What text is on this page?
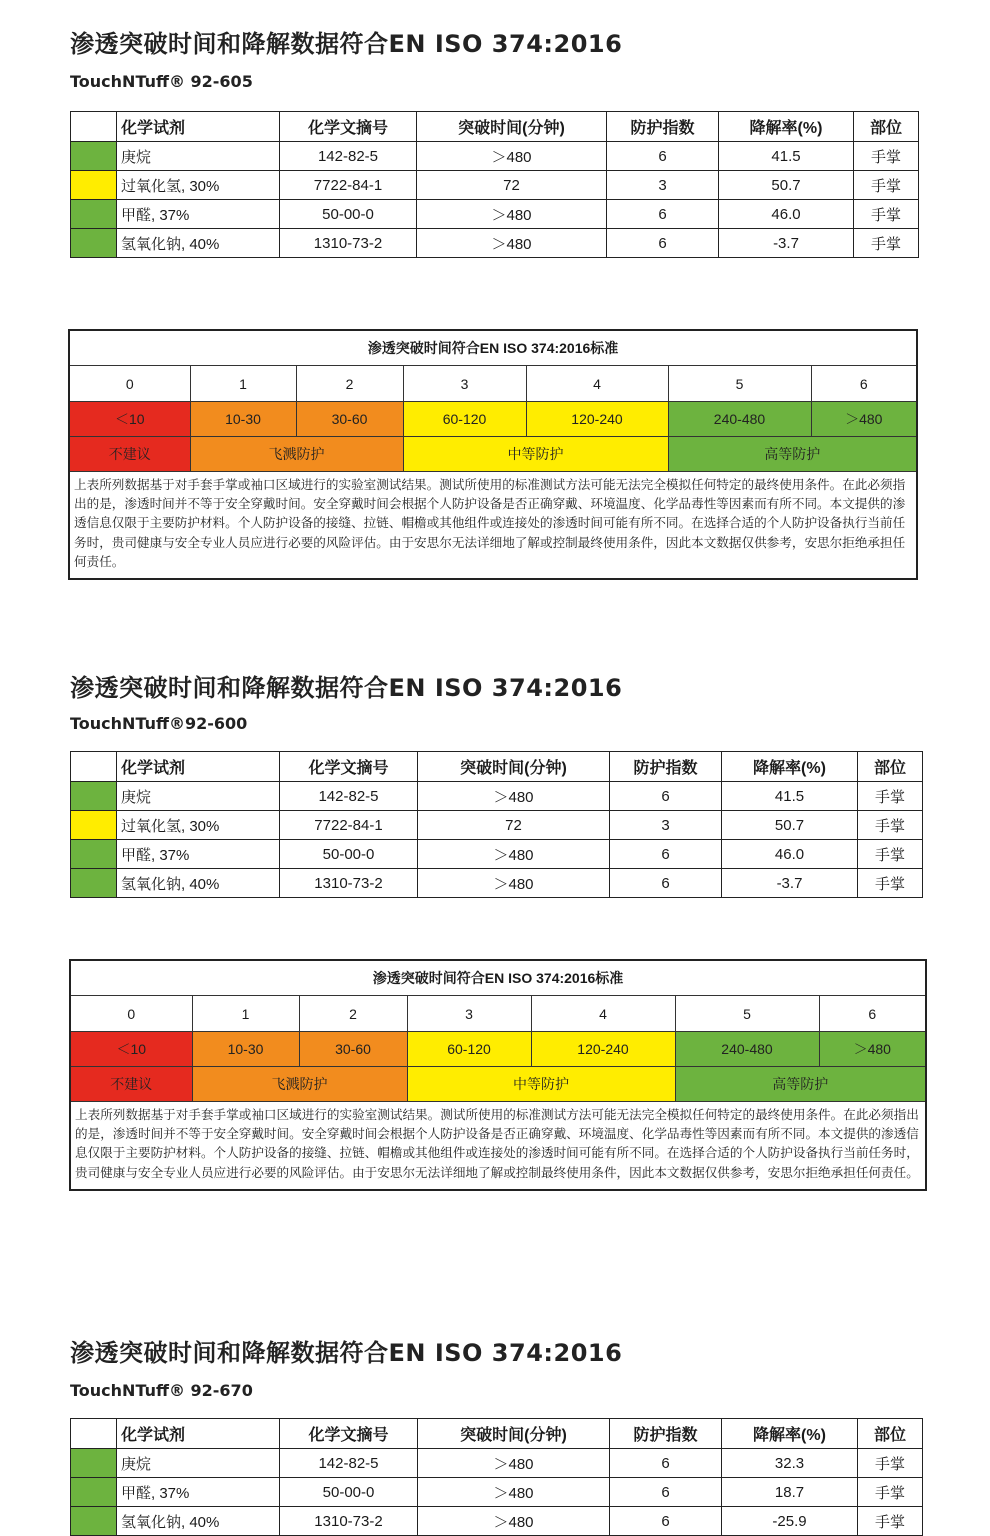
渗透突破时间和降解数据符合EN ISO 374:2016
TouchNTuff® 92-605
	化学试剂	化学文摘号	突破时间(分钟)	防护指数	降解率(%)	部位
	庚烷	142-82-5	＞480	6	41.5	手掌
	过氧化氢, 30%	7722-84-1	72	3	50.7	手掌
	甲醛, 37%	50-00-0	＞480	6	46.0	手掌
	氢氧化钠, 40%	1310-73-2	＞480	6	-3.7	手掌
渗透突破时间符合EN ISO 374:2016标准						
0	1	2	3	4	5	6
＜10	10-30	30-60	60-120	120-240	240-480	＞480
不建议	飞溅防护		中等防护		高等防护	
上表所列数据基于对手套手掌或袖口区域进行的实验室测试结果。测试所使用的标准测试方法可能无法完全模拟任何特定的最终使用条件。在此必须指出的是，渗透时间并不等于安全穿戴时间。安全穿戴时间会根据个人防护设备是否正确穿戴、环境温度、化学品毒性等因素而有所不同。本文提供的渗透信息仅限于主要防护材料。个人防护设备的接缝、拉链、帽檐或其他组件或连接处的渗透时间可能有所不同。在选择合适的个人防护设备执行当前任务时，贵司健康与安全专业人员应进行必要的风险评估。由于安思尔无法详细地了解或控制最终使用条件，因此本文数据仅供参考，安思尔拒绝承担任何责任。						
渗透突破时间和降解数据符合EN ISO 374:2016
TouchNTuff®92-600
	化学试剂	化学文摘号	突破时间(分钟)	防护指数	降解率(%)	部位
	庚烷	142-82-5	＞480	6	41.5	手掌
	过氧化氢, 30%	7722-84-1	72	3	50.7	手掌
	甲醛, 37%	50-00-0	＞480	6	46.0	手掌
	氢氧化钠, 40%	1310-73-2	＞480	6	-3.7	手掌
渗透突破时间符合EN ISO 374:2016标准						
0	1	2	3	4	5	6
＜10	10-30	30-60	60-120	120-240	240-480	＞480
不建议	飞溅防护		中等防护		高等防护	
上表所列数据基于对手套手掌或袖口区域进行的实验室测试结果。测试所使用的标准测试方法可能无法完全模拟任何特定的最终使用条件。在此必须指出的是，渗透时间并不等于安全穿戴时间。安全穿戴时间会根据个人防护设备是否正确穿戴、环境温度、化学品毒性等因素而有所不同。本文提供的渗透信息仅限于主要防护材料。个人防护设备的接缝、拉链、帽檐或其他组件或连接处的渗透时间可能有所不同。在选择合适的个人防护设备执行当前任务时，贵司健康与安全专业人员应进行必要的风险评估。由于安思尔无法详细地了解或控制最终使用条件，因此本文数据仅供参考，安思尔拒绝承担任何责任。						
渗透突破时间和降解数据符合EN ISO 374:2016
TouchNTuff® 92-670
	化学试剂	化学文摘号	突破时间(分钟)	防护指数	降解率(%)	部位
	庚烷	142-82-5	＞480	6	32.3	手掌
	甲醛, 37%	50-00-0	＞480	6	18.7	手掌
	氢氧化钠, 40%	1310-73-2	＞480	6	-25.9	手掌
